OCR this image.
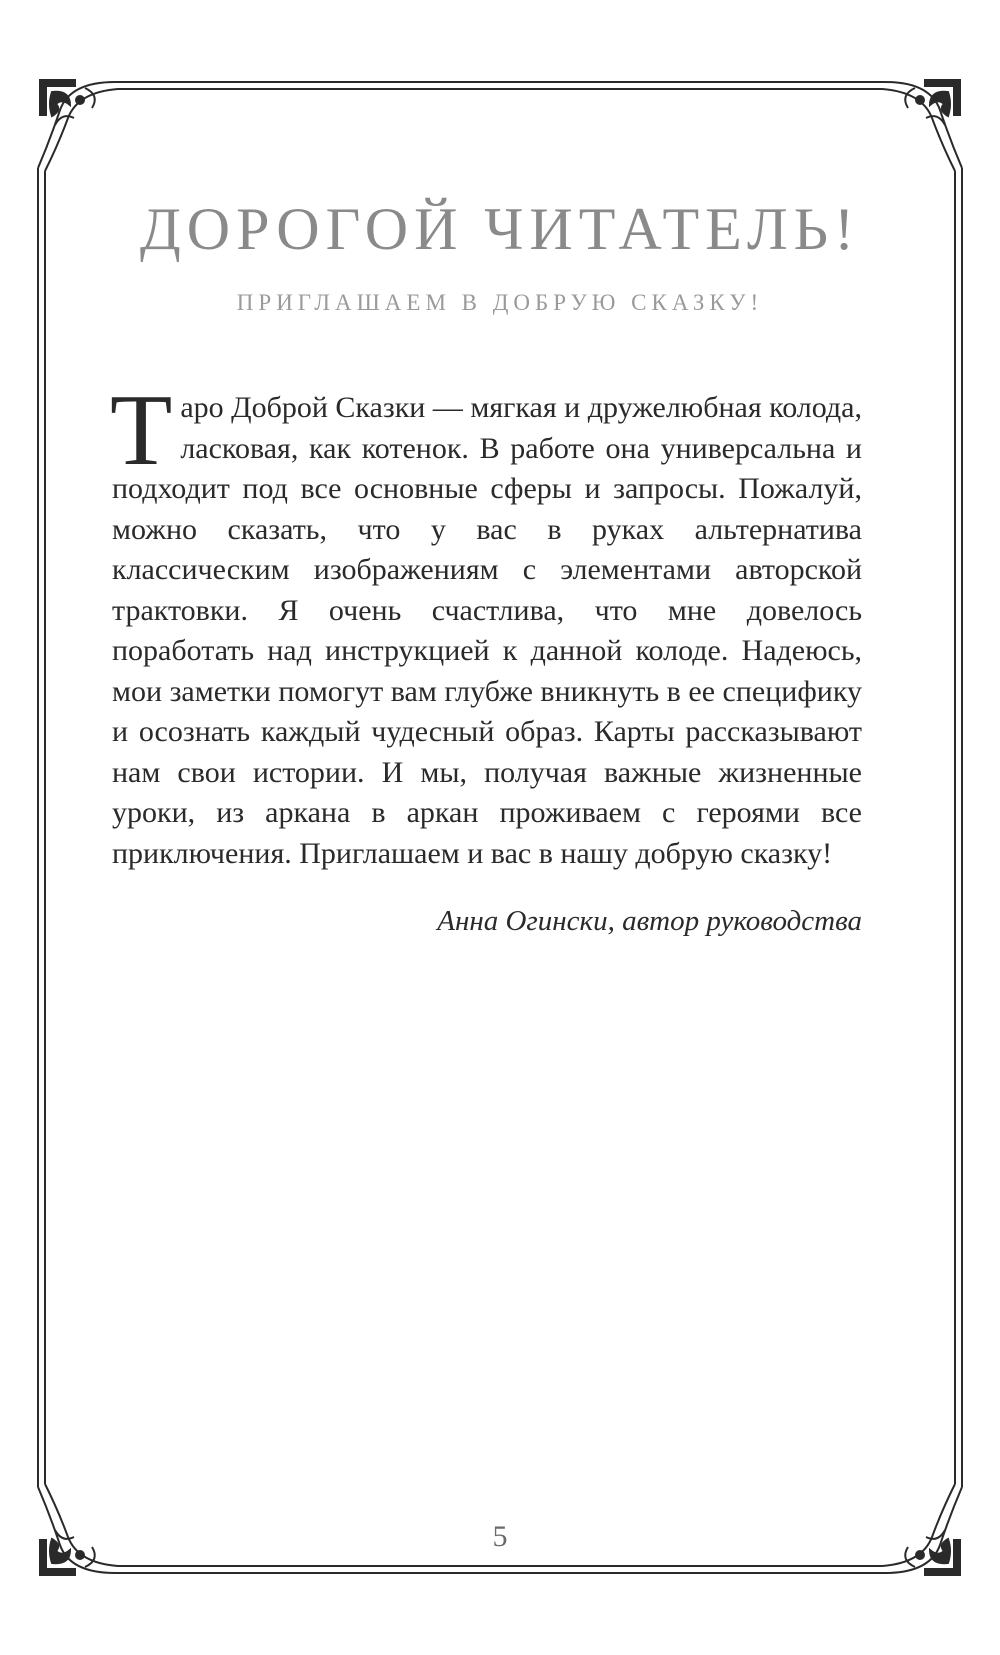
ДОРОГОЙ ЧИТАТЕЛЬ!

ПРИГЛАШАЕМ В ДОБРУЮ СКАЗКУ!

Таро Доброй Сказки — мягкая и дружелюбная колода, ласковая, как котенок. В работе она универсальна и подходит под все основные сферы и запросы. Пожалуй, можно сказать, что у вас в руках альтернатива классическим изображениям с элементами авторской трактовки. Я очень счастлива, что мне довелось поработать над инструкцией к данной колоде. Надеюсь, мои заметки помогут вам глубже вникнуть в ее специфику и осознать каждый чудесный образ. Карты рассказывают нам свои истории. И мы, получая важные жизненные уроки, из аркана в аркан проживаем с героями все приключения. Приглашаем и вас в нашу добрую сказку!

Анна Огински, автор руководства

5
